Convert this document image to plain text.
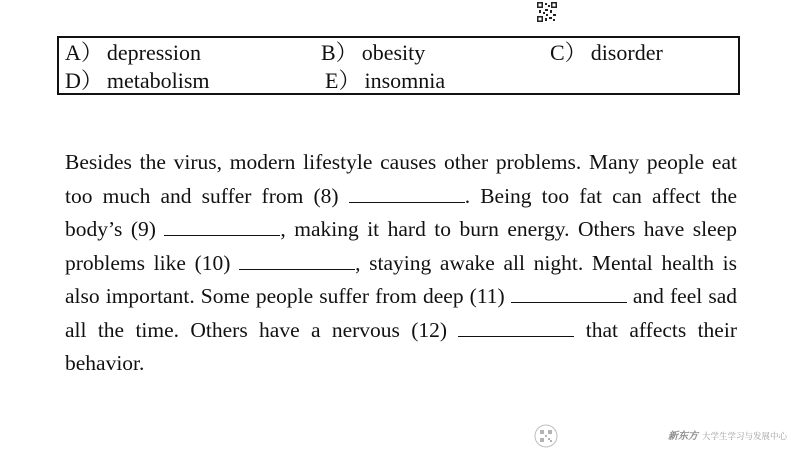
A） depression	B） obesity	C） disorder
D） metabolism	E） insomnia
Besides the virus, modern lifestyle causes other problems. Many people eat too much and suffer from (8)	. Being too fat can affect the body’s (9)	, making it hard to burn energy. Others have sleep problems like (10)	, staying awake all night. Mental health is also important. Some people suffer from deep (11)	and feel sad all the time. Others have a nervous (12)	that affects their behavior.
新东方 大学生学习与发展中心
